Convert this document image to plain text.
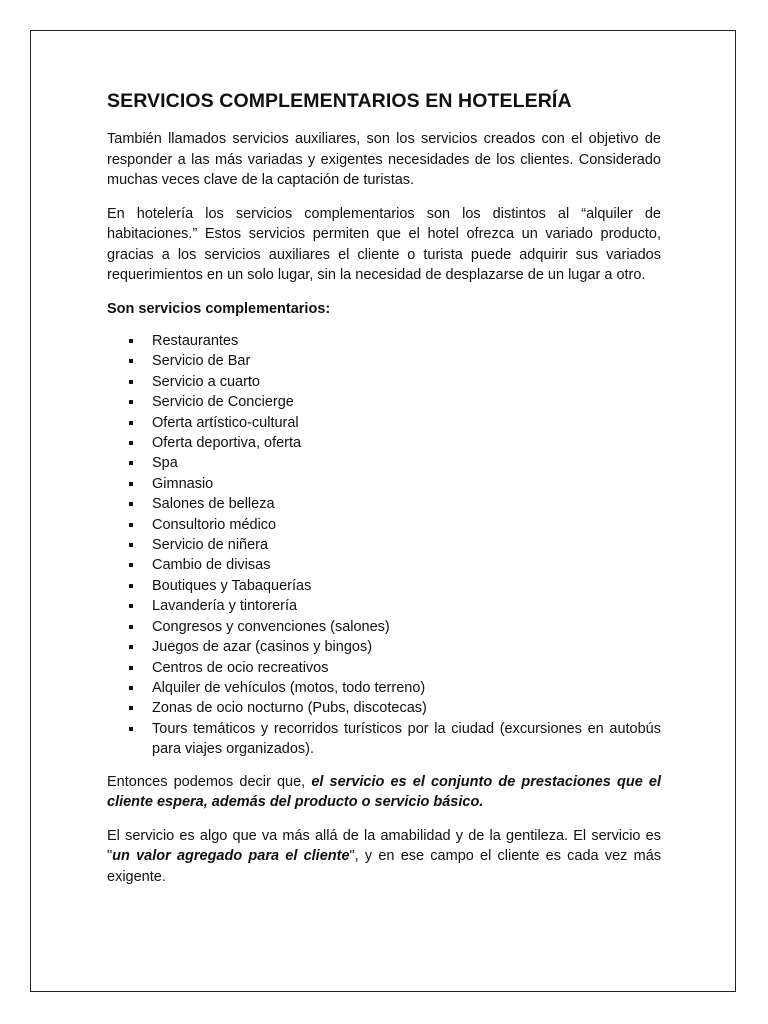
SERVICIOS COMPLEMENTARIOS EN HOTELERÍA

También llamados servicios auxiliares, son los servicios creados con el objetivo de responder a las más variadas y exigentes necesidades de los clientes. Considerado muchas veces clave de la captación de turistas.

En hotelería los servicios complementarios son los distintos al “alquiler de habitaciones.” Estos servicios permiten que el hotel ofrezca un variado producto, gracias a los servicios auxiliares el cliente o turista puede adquirir sus variados requerimientos en un solo lugar, sin la necesidad de desplazarse de un lugar a otro.

Son servicios complementarios:

Restaurantes
Servicio de Bar
Servicio a cuarto
Servicio de Concierge
Oferta artístico-cultural
Oferta deportiva, oferta
Spa
Gimnasio
Salones de belleza
Consultorio médico
Servicio de niñera
Cambio de divisas
Boutiques y Tabaquerías
Lavandería y tintorería
Congresos y convenciones (salones)
Juegos de azar (casinos y bingos)
Centros de ocio recreativos
Alquiler de vehículos (motos, todo terreno)
Zonas de ocio nocturno (Pubs, discotecas)
Tours temáticos y recorridos turísticos por la ciudad (excursiones en autobús para viajes organizados).

Entonces podemos decir que, el servicio es el conjunto de prestaciones que el cliente espera, además del producto o servicio básico.

El servicio es algo que va más allá de la amabilidad y de la gentileza. El servicio es "un valor agregado para el cliente", y en ese campo el cliente es cada vez más exigente.
